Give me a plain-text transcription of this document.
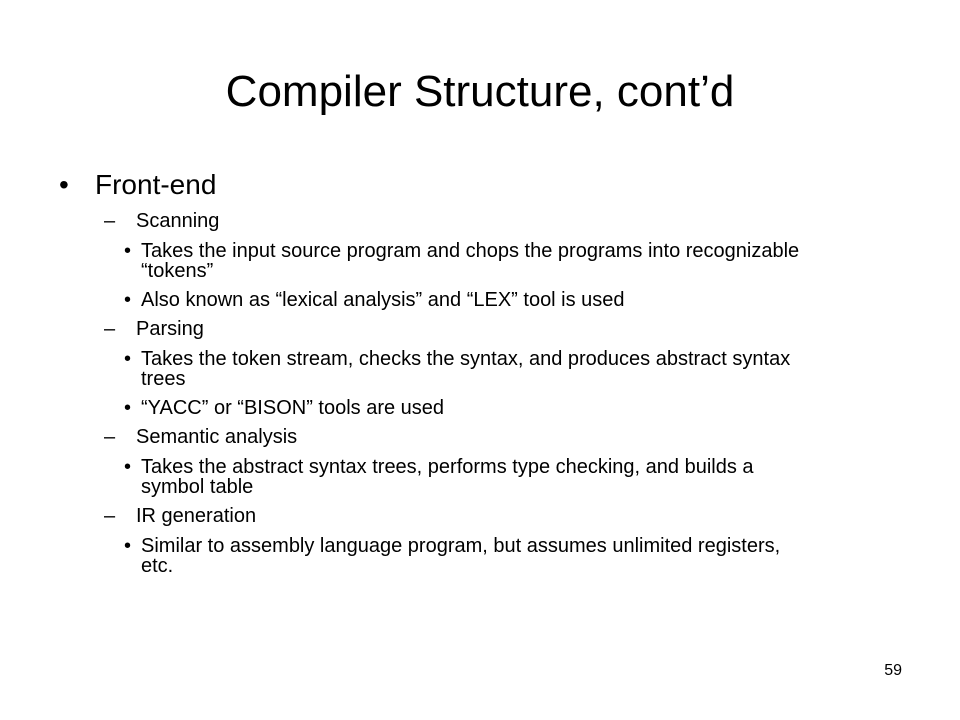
Compiler Structure, cont’d
• Front-end
– Scanning
• Takes the input source program and chops the programs into recognizable “tokens”
• Also known as “lexical analysis” and “LEX” tool is used
– Parsing
• Takes the token stream, checks the syntax, and produces abstract syntax trees
• “YACC” or “BISON” tools are used
– Semantic analysis
• Takes the abstract syntax trees, performs type checking, and builds a symbol table
– IR generation
• Similar to assembly language program, but assumes unlimited registers, etc.
59
